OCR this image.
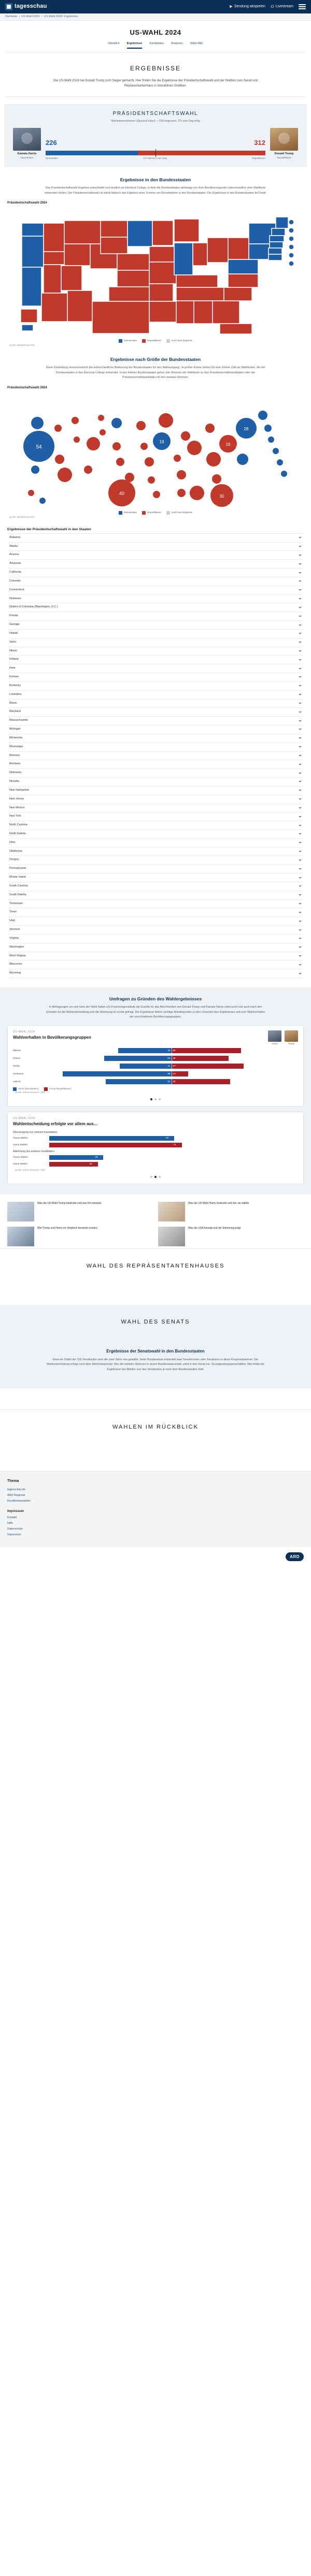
tagesschau	Sendung abspielen	Livestream
Startseite › US-Wahl 2024 › US-Wahl 2024: Ergebnisse
US-WAHL 2024
Überblick	Ergebnisse	Kandidaten	Analysen	Wahl-ABC
ERGEBNISSE

Die US-Wahl 2024 hat Donald Trump zum Sieger gemacht. Hier finden Sie die Ergebnisse der Präsidentschaftswahl und der Wahlen zum Senat und Repräsentantenhaus in interaktiven Grafiken.

PRÄSIDENTSCHAFTSWAHL
Wahlmännerstimmen (Electoral Votes) — 538 insgesamt, 270 zum Sieg nötig
Kamala Harris
Demokraten
226	312
Demokraten	270 Stimmen zum Sieg	Republikaner
Donald Trump
Republikaner
Ergebnisse in den Bundesstaaten

Das Präsidentschaftswahl-Ergebnis entscheidet sich letztlich an Electoral College, in dem die Bundesstaaten abhängig von ihrer Bevölkerungszahl unterschiedlich viele Wahlleute entsenden dürfen. Der Präsidentschaftswahl ist damit faktisch das Ergebnis einer Summe von Einzelwahlen in den Bundesstaaten. Die Ergebnisse in den Bundesstaaten im Detail:

Präsidentschaftswahl 2024
Demokraten	Republikaner	Noch kein Ergebnis
Quelle: Wahlleiter/ap/ARD
Ergebnisse nach Größe der Bundesstaaten

Diese Darstellung veranschaulicht die unterschiedliche Bedeutung der Bundesstaaten für den Wahlausgang. Je größer Kreise stehen für eine höhere Zahl an Wahlleuten, die der Bundesstaaten in das Electoral College entsendet. In den kleinen Bundesstaaten gehen alle Stimmen der Wahlleute an den Präsidentschaftskandidaten oder die Präsidentschaftskandidatin mit den meisten Stimmen.

Präsidentschaftswahl 2024
54
40
19
30
19
28
Demokraten	Republikaner	Noch kein Ergebnis
Quelle: Wahlleiter/ap/ARD
Ergebnisse der Präsidentschaftswahl in den Staaten
Alabama
Alaska
Arizona
Arkansas
California
Colorado
Connecticut
Delaware
District of Columbia (Washington, D.C.)
Florida
Georgia
Hawaii
Idaho
Illinois
Indiana
Iowa
Kansas
Kentucky
Louisiana
Maine
Maryland
Massachusetts
Michigan
Minnesota
Mississippi
Missouri
Montana
Nebraska
Nevada
New Hampshire
New Jersey
New Mexico
New York
North Carolina
North Dakota
Ohio
Oklahoma
Oregon
Pennsylvania
Rhode Island
South Carolina
South Dakota
Tennessee
Texas
Utah
Vermont
Virginia
Washington
West Virginia
Wisconsin
Wyoming
Umfragen zu Gründen des Wahlergebnisses

In Befragungen vor und nach der Wahl haben US-Forschungsinstitute die Gründe für das Abschneiden von Donald Trump und Kamala Harris untersucht und auch nach den Gründen für die Wahlentscheidung und die Stimmung im sozial gefragt. Die Ergebnisse liefern wichtige Anhaltspunkte zu den Ursachen des Ergebnisses und zum Wahlverhalten der verschiedenen Bevölkerungsgruppen.

US-WAHL 2024
Wahlverhalten in Bevölkerungsgruppen
Harris	Trump
Männer	42 55
Frauen	53 45
Weiße	41 57
Schwarze	86 13
Latinos	52 46
Harris (Demokraten)	Trump (Republikaner)
Quelle: Edison Research / NEP
US-WAHL 2024
Wahlentscheidung erfolgte vor allem aus…
Überzeugung von meinem Kandidaten
Trump-Wähler	67
Harris-Wähler	71
Ablehnung des anderen Kandidaten
Trump-Wähler	29
Harris-Wähler	26
Quelle: Edison Research / NEP
Was die US-Wahl Trump bedeutet und was ihn erwartet	Was die US-Wahl Harris bedeutet und wer sie wählte
Wie Trump und Harris im Vergleich bewertet wurden	Was die USA bewegt und die Stimmung prägt
WAHL DES REPRÄSENTANTENHAUSES
WAHL DES SENATS
Ergebnisse der Senatswahl in den Bundesstaaten

Etwa ein Drittel der 100 Senatssitze wird alle zwei Jahre neu gewählt. Jeder Bundesstaat entsendet zwei Senatorinnen oder Senatoren in diese Kongresskammer. Die Wahlentscheidung erfolgt nach dem Mehrheitsprinzip: Wer die meisten Stimmen in einem Bundesstaat erhält, zieht in den Senat ein. Grundgesetzgegenschaften: Wer bildet die Ergebnisse der Wahlen von den Senatssitze je nach dem Bundesstaaten statt.

WAHLEN IM RÜCKBLICK
Thema
tagesschau.de
ARD Regional
Rundfunkanstalten
Impressum
Kontakt
Hilfe
Datenschutz
Impressum
ARD
